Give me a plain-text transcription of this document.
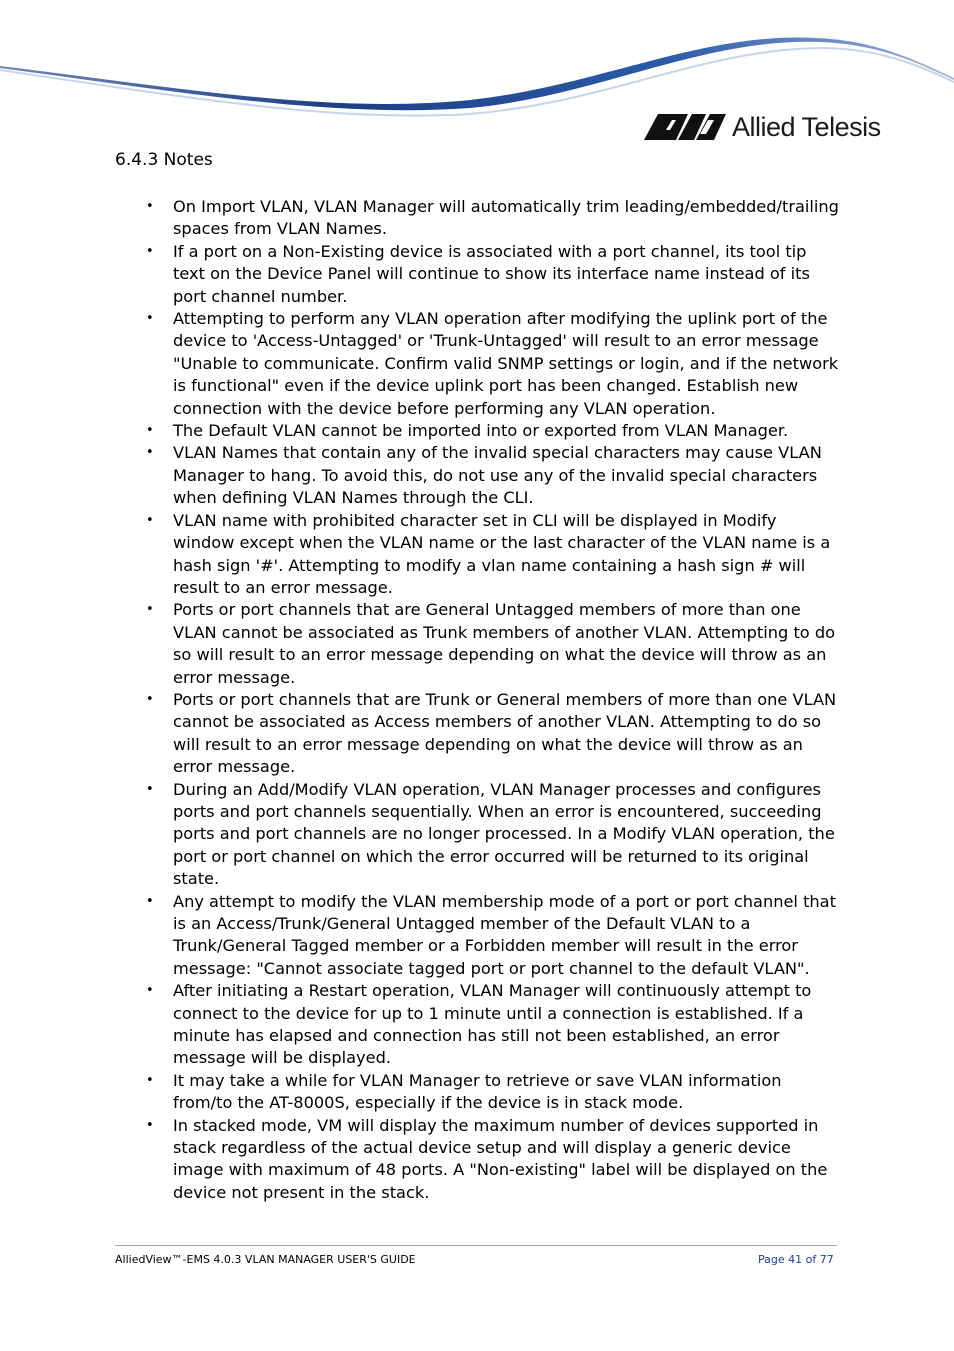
Allied Telesis
6.4.3 Notes
• On Import VLAN, VLAN Manager will automatically trim leading/embedded/trailing spaces from VLAN Names.
• If a port on a Non-Existing device is associated with a port channel, its tool tip text on the Device Panel will continue to show its interface name instead of its port channel number.
• Attempting to perform any VLAN operation after modifying the uplink port of the device to 'Access-Untagged' or 'Trunk-Untagged' will result to an error message "Unable to communicate. Confirm valid SNMP settings or login, and if the network is functional" even if the device uplink port has been changed. Establish new connection with the device before performing any VLAN operation.
• The Default VLAN cannot be imported into or exported from VLAN Manager.
• VLAN Names that contain any of the invalid special characters may cause VLAN Manager to hang. To avoid this, do not use any of the invalid special characters when defining VLAN Names through the CLI.
• VLAN name with prohibited character set in CLI will be displayed in Modify window except when the VLAN name or the last character of the VLAN name is a hash sign '#'. Attempting to modify a vlan name containing a hash sign # will result to an error message.
• Ports or port channels that are General Untagged members of more than one VLAN cannot be associated as Trunk members of another VLAN. Attempting to do so will result to an error message depending on what the device will throw as an error message.
• Ports or port channels that are Trunk or General members of more than one VLAN cannot be associated as Access members of another VLAN. Attempting to do so will result to an error message depending on what the device will throw as an error message.
• During an Add/Modify VLAN operation, VLAN Manager processes and configures ports and port channels sequentially. When an error is encountered, succeeding ports and port channels are no longer processed. In a Modify VLAN operation, the port or port channel on which the error occurred will be returned to its original state.
• Any attempt to modify the VLAN membership mode of a port or port channel that is an Access/Trunk/General Untagged member of the Default VLAN to a Trunk/General Tagged member or a Forbidden member will result in the error message: "Cannot associate tagged port or port channel to the default VLAN".
• After initiating a Restart operation, VLAN Manager will continuously attempt to connect to the device for up to 1 minute until a connection is established. If a minute has elapsed and connection has still not been established, an error message will be displayed.
• It may take a while for VLAN Manager to retrieve or save VLAN information from/to the AT-8000S, especially if the device is in stack mode.
• In stacked mode, VM will display the maximum number of devices supported in stack regardless of the actual device setup and will display a generic device image with maximum of 48 ports. A "Non-existing" label will be displayed on the device not present in the stack.
AlliedView™-EMS 4.0.3 VLAN MANAGER USER'S GUIDE	Page 41 of 77
